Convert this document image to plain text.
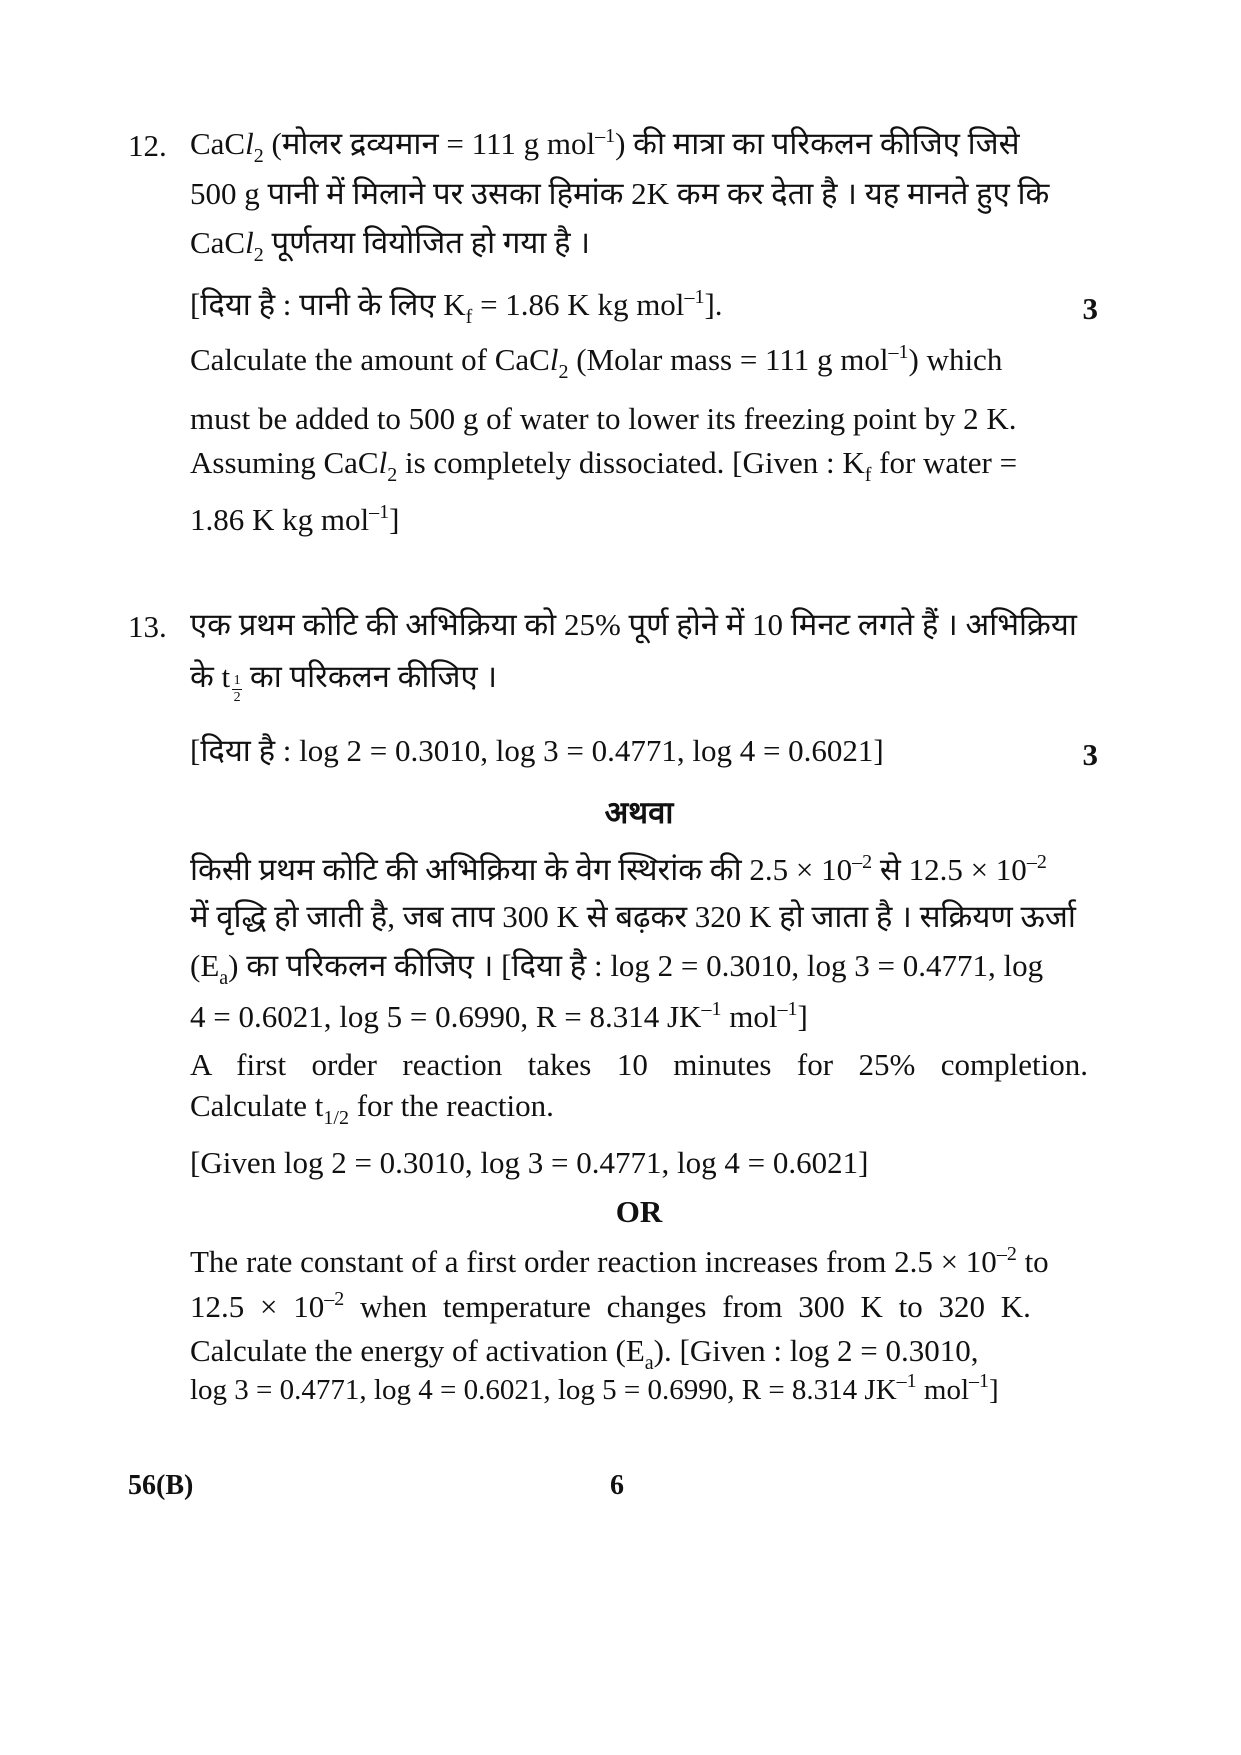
12. CaCl$_2$ (मोलर द्रव्यमान = 111 g mol$^{-1}$) की मात्रा का परिकलन कीजिए जिसे
500 g पानी में मिलाने पर उसका हिमांक 2K कम कर देता है । यह मानते हुए कि
CaCl$_2$ पूर्णतया वियोजित हो गया है ।
[दिया है : पानी के लिए $K_f = 1.86$ K kg mol$^{-1}$].
Calculate the amount of CaCl$_2$ (Molar mass = 111 g mol$^{-1}$) which
must be added to 500 g of water to lower its freezing point by 2 K.
Assuming CaCl$_2$ is completely dissociated. [Given : $K_f$ for water =
1.86 K kg mol$^{-1}$]
3
13. एक प्रथम कोटि की अभिक्रिया को 25% पूर्ण होने में 10 मिनट लगते हैं । अभिक्रिया
के t $\frac{1}{2}$ का परिकलन कीजिए ।
[दिया है : log 2 = 0.3010, log 3 = 0.4771, log 4 = 0.6021]
अथवा
किसी प्रथम कोटि की अभिक्रिया के वेग स्थिरांक की $2.5 \times 10^{-2}$ से $12.5 \times 10^{-2}$
में वृद्धि हो जाती है, जब ताप 300 K से बढ़कर 320 K हो जाता है । सक्रियण ऊर्जा
$(E_a)$ का परिकलन कीजिए । [दिया है : log 2 = 0.3010, log 3 = 0.4771, log
4 = 0.6021, log 5 = 0.6990, R = 8.314 $JK^{-1}$ mol$^{-1}$]
A first order reaction takes 10 minutes for 25% completion.
Calculate $t_{1/2}$ for the reaction.
[Given log 2 = 0.3010, log 3 = 0.4771, log 4 = 0.6021]
OR
The rate constant of a first order reaction increases from $2.5 \times 10^{-2}$ to
$12.5 \times 10^{-2}$ when temperature changes from 300 K to 320 K.
Calculate the energy of activation $(E_a)$. [Given : log 2 = 0.3010,
log 3 = 0.4771, log 4 = 0.6021, log 5 = 0.6990, R = 8.314 $JK^{-1}$ mol$^{-1}$]
3
56(B)	6
